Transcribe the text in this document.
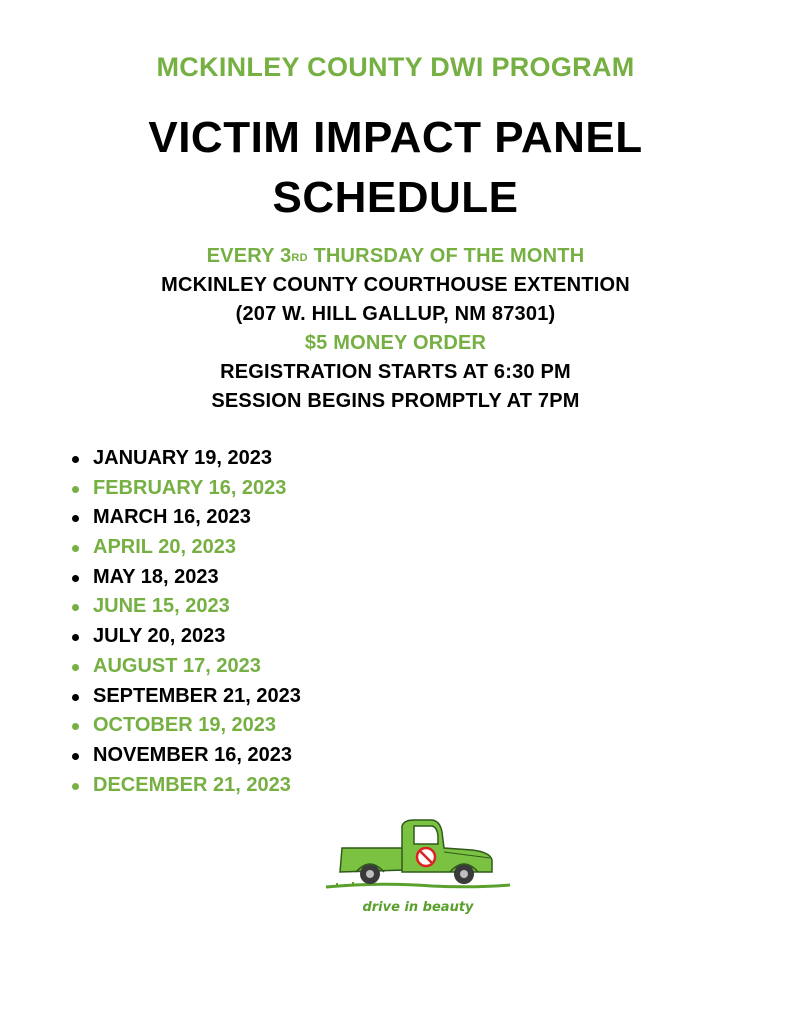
MCKINLEY COUNTY DWI PROGRAM
VICTIM IMPACT PANEL
SCHEDULE
EVERY 3RD THURSDAY OF THE MONTH
MCKINLEY COUNTY COURTHOUSE EXTENTION
(207 W. HILL GALLUP, NM 87301)
$5 MONEY ORDER
REGISTRATION STARTS AT 6:30 PM
SESSION BEGINS PROMPTLY AT 7PM
JANUARY 19, 2023
FEBRUARY 16, 2023
MARCH 16, 2023
APRIL 20, 2023
MAY 18, 2023
JUNE 15, 2023
JULY 20, 2023
AUGUST 17, 2023
SEPTEMBER 21, 2023
OCTOBER 19, 2023
NOVEMBER 16, 2023
DECEMBER 21, 2023
drive in beauty
